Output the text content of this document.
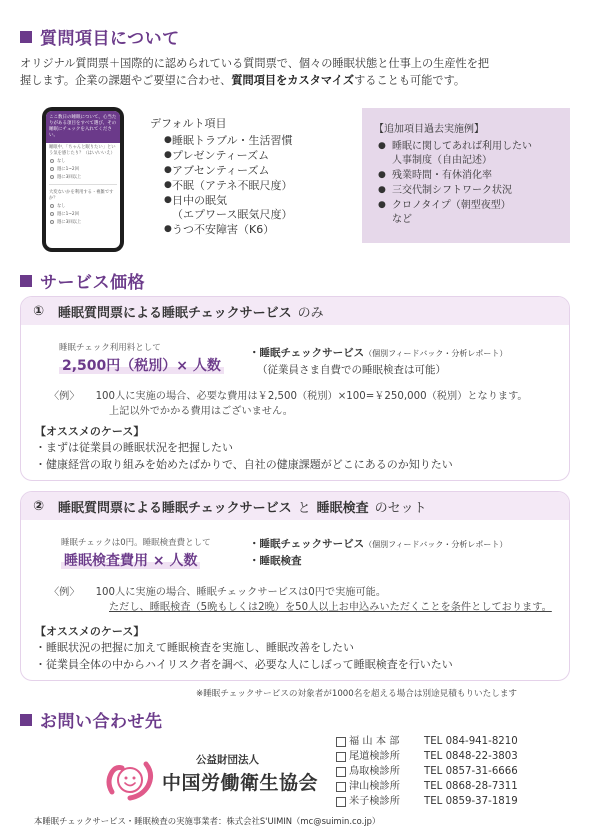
質問項目について
オリジナル質問票＋国際的に認められている質問票で、個々の睡眠状態と仕事上の生産性を把
握します。企業の課題やご要望に合わせ、質問項目をカスタマイズすることも可能です。
ここ数日の睡眠について、心当たりがある項目をすべて選び、その睡眠にチェックを入れてください。
睡眠中、「ちゃんと眠りたい」という気を感じたり？（はい/いいえ）
なし
週に1~2回
週に3回以上
大変ないかを利用する・複雑ですか？
なし
週に1~2回
週に3回以上
デフォルト項目
● 睡眠トラブル・生活習慣
● プレゼンティーズム
● アブセンティーズム
● 不眠（アテネ不眠尺度）
● 日中の眠気
（エプワース眠気尺度）
● うつ不安障害（K6）
【追加項目過去実施例】
● 睡眠に関してあれば利用したい
人事制度（自由記述）
● 残業時間・有休消化率
● 三交代制シフトワーク状況
● クロノタイプ（朝型夜型）
など
サービス価格
① 睡眠質問票による睡眠チェックサービス のみ
睡眠チェック利用料として
2,500円（税別）× 人数
・睡眠チェックサービス（個別フィードバック・分析レポート）
（従業員さま自費での睡眠検査は可能）
〈例〉 100人に実施の場合、必要な費用は￥2,500（税別）×100=￥250,000（税別）となります。
上記以外でかかる費用はございません。
【オススメのケース】
・まずは従業員の睡眠状況を把握したい
・健康経営の取り組みを始めたばかりで、自社の健康課題がどこにあるのか知りたい
② 睡眠質問票による睡眠チェックサービス と 睡眠検査 のセット
睡眠チェックは0円。睡眠検査費として
睡眠検査費用 × 人数
・睡眠チェックサービス（個別フィードバック・分析レポート）
・睡眠検査
〈例〉 100人に実施の場合、睡眠チェックサービスは0円で実施可能。
ただし、睡眠検査（5晩もしくは2晩）を50人以上お申込みいただくことを条件としております。
【オススメのケース】
・睡眠状況の把握に加えて睡眠検査を実施し、睡眠改善をしたい
・従業員全体の中からハイリスク者を調べ、必要な人にしぼって睡眠検査を行いたい
※睡眠チェックサービスの対象者が1000名を超える場合は別途見積もりいたします
お問い合わせ先
公益財団法人
中国労働衛生協会
福 山 本 部	TEL 084-941-8210
尾道検診所	TEL 0848-22-3803
鳥取検診所	TEL 0857-31-6666
津山検診所	TEL 0868-28-7311
米子検診所	TEL 0859-37-1819
本睡眠チェックサービス・睡眠検査の実施事業者：株式会社S'UIMIN（mc@suimin.co.jp）
